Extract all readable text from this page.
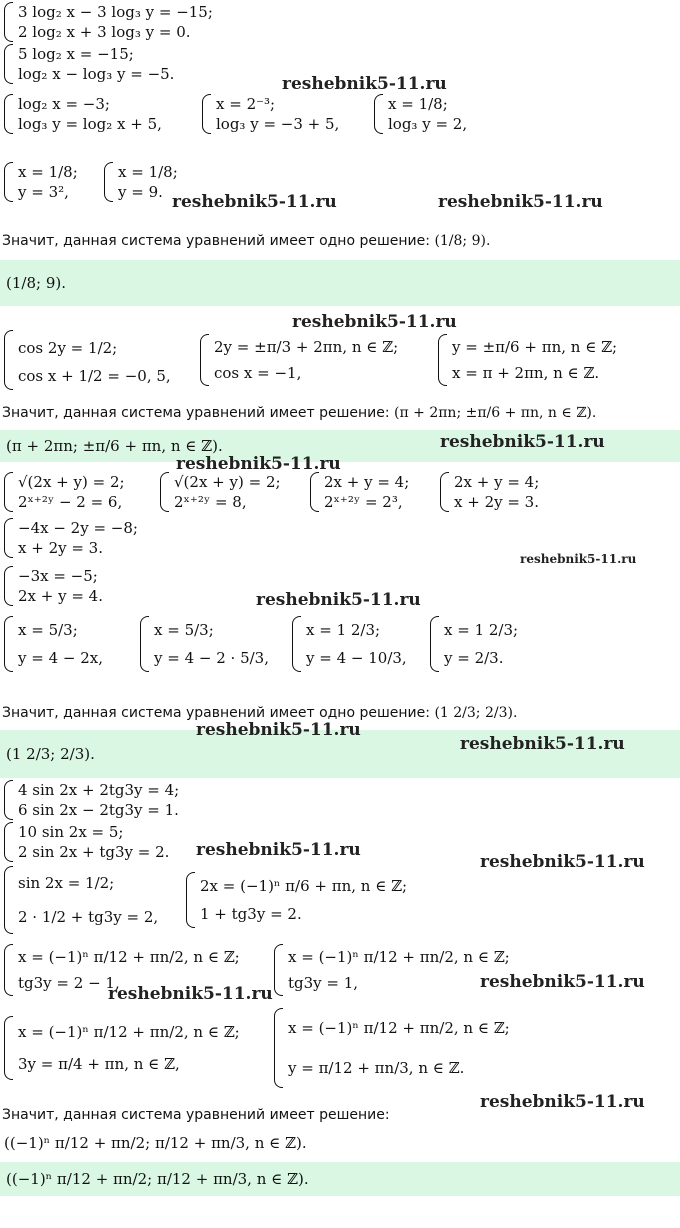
3 log₂ x − 3 log₃ y = −15;
2 log₂ x + 3 log₃ y = 0.
5 log₂ x = −15;
log₂ x − log₃ y = −5.
log₂ x = −3;
log₃ y = log₂ x + 5,
x = 2⁻³;
log₃ y = −3 + 5,
x = 1/8;
log₃ y = 2,
x = 1/8;
y = 3²,
x = 1/8;
y = 9.
Значит, данная система уравнений имеет одно решение: (1/8; 9).
(1/8; 9).
cos 2y = 1/2;
cos x + 1/2 = −0, 5,
2y = ±π/3 + 2πn, n ∈ ℤ;
cos x = −1,
y = ±π/6 + πn, n ∈ ℤ;
x = π + 2πn, n ∈ ℤ.
Значит, данная система уравнений имеет решение: (π + 2πn; ±π/6 + πn, n ∈ ℤ).
(π + 2πn; ±π/6 + πn, n ∈ ℤ).
√(2x + y) = 2;
2ˣ⁺²ʸ − 2 = 6,
√(2x + y) = 2;
2ˣ⁺²ʸ = 8,
2x + y = 4;
2ˣ⁺²ʸ = 2³,
2x + y = 4;
x + 2y = 3.
−4x − 2y = −8;
x + 2y = 3.
−3x = −5;
2x + y = 4.
x = 5/3;
y = 4 − 2x,
x = 5/3;
y = 4 − 2 · 5/3,
x = 1 2/3;
y = 4 − 10/3,
x = 1 2/3;
y = 2/3.
Значит, данная система уравнений имеет одно решение: (1 2/3; 2/3).
(1 2/3; 2/3).
4 sin 2x + 2tg3y = 4;
6 sin 2x − 2tg3y = 1.
10 sin 2x = 5;
2 sin 2x + tg3y = 2.
sin 2x = 1/2;
2 · 1/2 + tg3y = 2,
2x = (−1)ⁿ π/6 + πn, n ∈ ℤ;
1 + tg3y = 2.
x = (−1)ⁿ π/12 + πn/2, n ∈ ℤ;
tg3y = 2 − 1,
x = (−1)ⁿ π/12 + πn/2, n ∈ ℤ;
tg3y = 1,
x = (−1)ⁿ π/12 + πn/2, n ∈ ℤ;
3y = π/4 + πn, n ∈ ℤ,
x = (−1)ⁿ π/12 + πn/2, n ∈ ℤ;
y = π/12 + πn/3, n ∈ ℤ.
Значит, данная система уравнений имеет решение:
((−1)ⁿ π/12 + πn/2; π/12 + πn/3, n ∈ ℤ).
((−1)ⁿ π/12 + πn/2; π/12 + πn/3, n ∈ ℤ).
reshebnik5-11.ru
reshebnik5-11.ru	reshebnik5-11.ru
reshebnik5-11.ru
reshebnik5-11.ru
reshebnik5-11.ru
reshebnik5-11.ru
reshebnik5-11.ru
reshebnik5-11.ru
reshebnik5-11.ru
reshebnik5-11.ru
reshebnik5-11.ru
reshebnik5-11.ru
reshebnik5-11.ru
reshebnik5-11.ru
